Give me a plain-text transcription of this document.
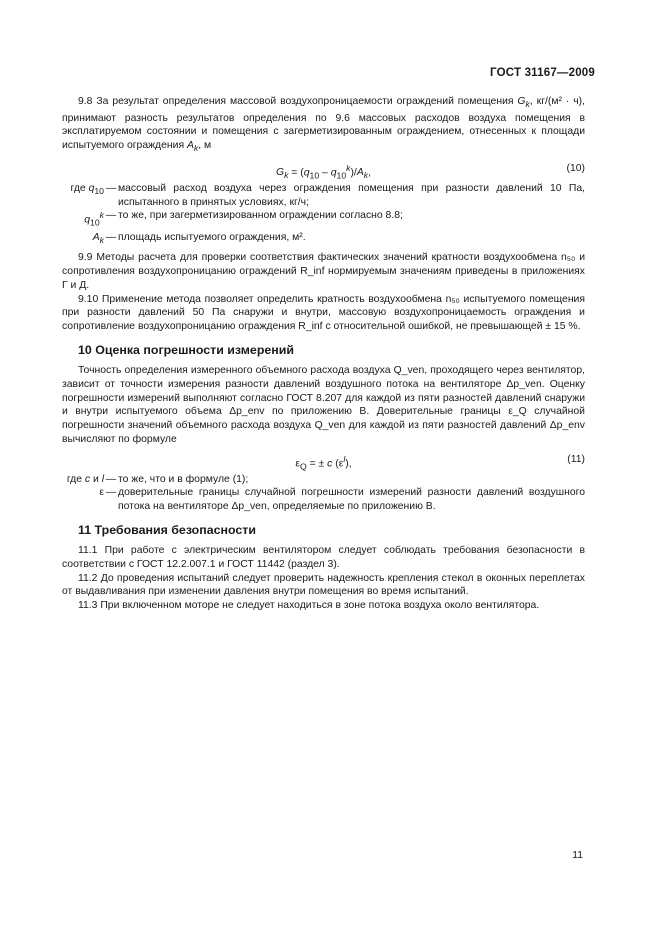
ГОСТ 31167—2009

9.8 За результат определения массовой воздухопроницаемости ограждений помещения $G_k$, кг/(м² · ч), принимают разность результатов определения по 9.6 массовых расходов воздуха помещения в эксплатируемом состоянии и помещения с загерметизированным ограждением, отнесенных к площади испытуемого ограждения $A_k$, м

$G_k = (q_{10} - q_{10}^k)/A_k$,	(10)
где $q_{10}$ — массовый расход воздуха через ограждения помещения при разности давлений 10 Па, испытанного в принятых условиях, кг/ч;
$q_{10}^k$ — то же, при загерметизированном ограждении согласно 8.8;
$A_k$ — площадь испытуемого ограждения, м².

9.9 Методы расчета для проверки соответствия фактических значений кратности воздухообмена n₅₀ и сопротивления воздухопроницанию ограждений R_inf нормируемым значениям приведены в приложениях Г и Д.

9.10 Применение метода позволяет определить кратность воздухообмена n₅₀ испытуемого помещения при разности давлений 50 Па снаружи и внутри, массовую воздухопроницаемость ограждения и сопротивление воздухопроницанию ограждения R_inf с относительной ошибкой, не превышающей ± 15 %.

10 Оценка погрешности измерений

Точность определения измеренного объемного расхода воздуха Q_ven, проходящего через вентилятор, зависит от точности измерения разности давлений воздушного потока на вентиляторе Δp_ven. Оценку погрешности измерений выполняют согласно ГОСТ 8.207 для каждой из пяти разностей давлений снаружи и внутри испытуемого объема Δp_env по приложению В. Доверительные границы ε_Q случайной погрешности значений объемного расхода воздуха Q_ven для каждой из пяти разностей давлений Δp_env вычисляют по формуле

$\varepsilon_Q$ = ± c $(\varepsilon^l)$,	(11)
где c и l — то же, что и в формуле (1);
ε — доверительные границы случайной погрешности измерений разности давлений воздушного потока на вентиляторе Δp_ven, определяемые по приложению В.
11 Требования безопасности

11.1 При работе с электрическим вентилятором следует соблюдать требования безопасности в соответствии с ГОСТ 12.2.007.1 и ГОСТ 11442 (раздел 3).

11.2 До проведения испытаний следует проверить надежность крепления стекол в оконных переплетах от выдавливания при изменении давления внутри помещения во время испытаний.

11.3 При включенном моторе не следует находиться в зоне потока воздуха около вентилятора.

11
